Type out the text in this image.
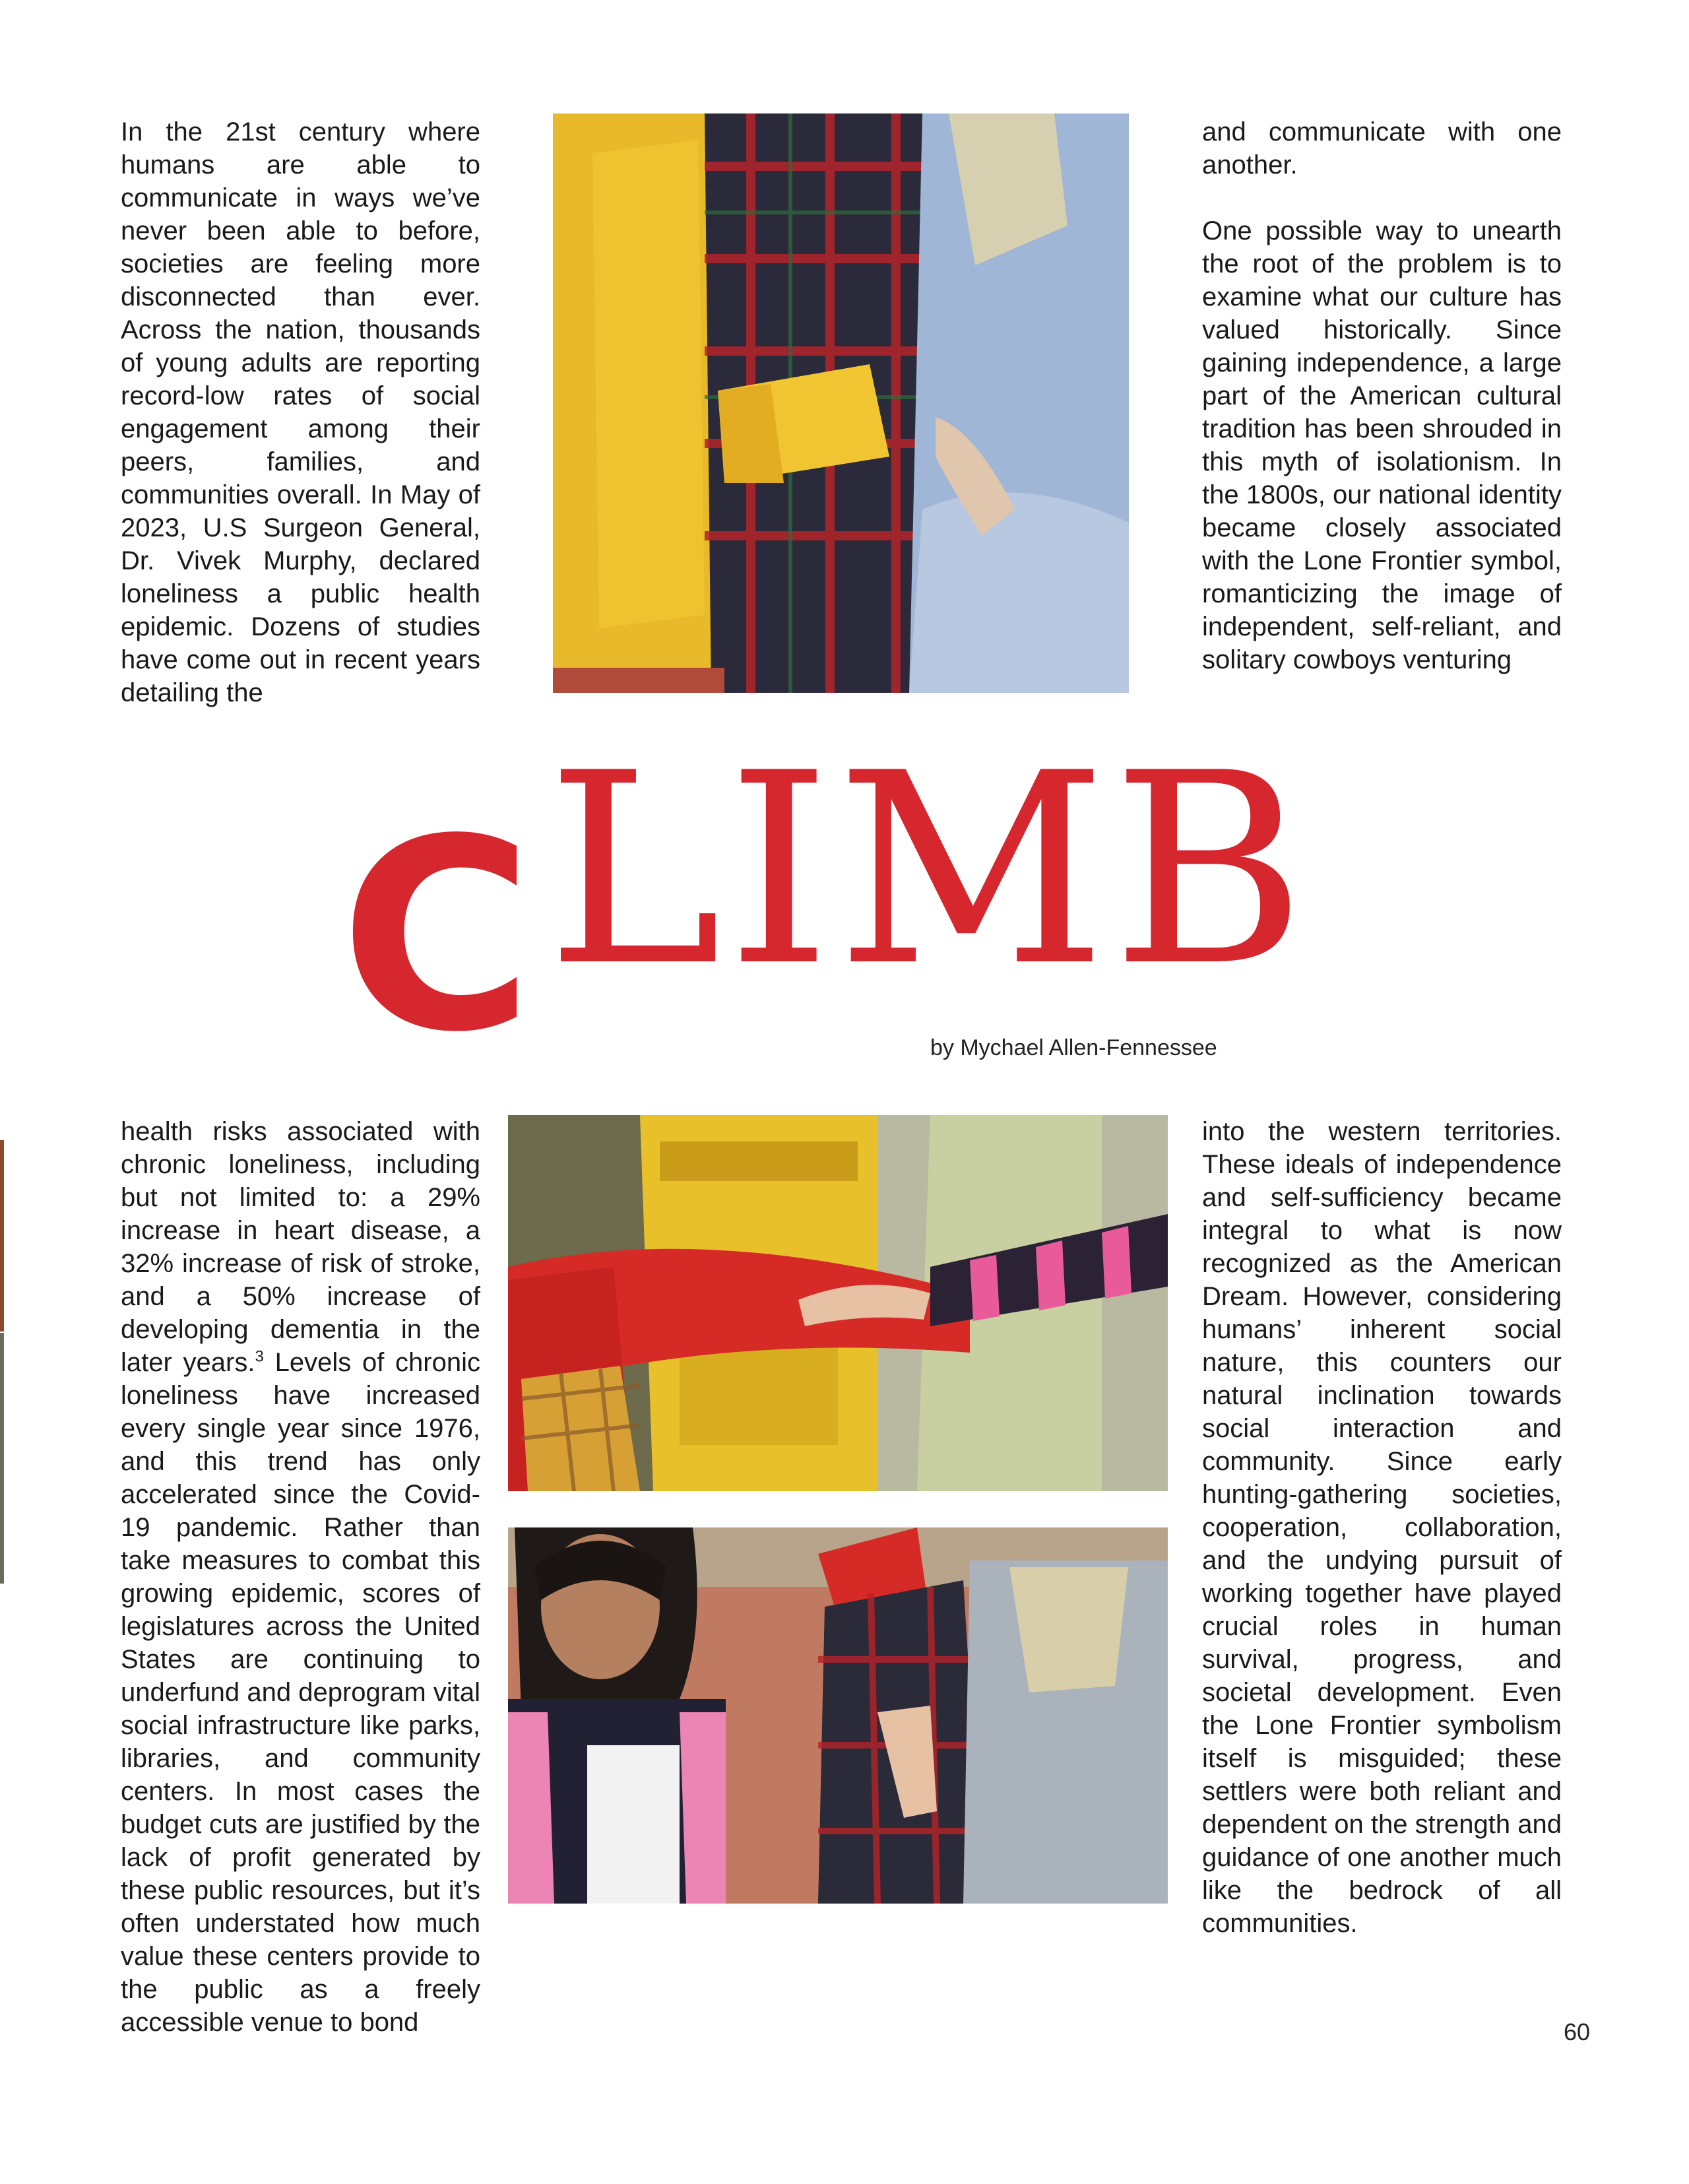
In the 21st century where humans are able to communicate in ways we’ve never been able to before, societies are feeling more disconnected than ever. Across the nation, thousands of young adults are reporting record-low rates of social engagement among their peers, families, and communities overall. In May of 2023, U.S Surgeon General, Dr. Vivek Murphy, declared loneliness a public health epidemic. Dozens of studies have come out in recent years detailing the

and communicate with one another.

One possible way to unearth the root of the problem is to examine what our culture has valued historically. Since gaining independence, a large part of the American cultural tradition has been shrouded in this myth of isolationism. In the 1800s, our national identity became closely associated with the Lone Frontier symbol, romanticizing the image of independent, self-reliant, and solitary cowboys venturing

C LIMB
by Mychael Allen-Fennessee

health risks associated with chronic loneliness, including but not limited to: a 29% increase in heart disease, a 32% increase of risk of stroke, and a 50% increase of developing dementia in the later years.$^3$ Levels of chronic loneliness have increased every single year since 1976, and this trend has only accelerated since the Covid-19 pandemic. Rather than take measures to combat this growing epidemic, scores of legislatures across the United States are continuing to underfund and deprogram vital social infrastructure like parks, libraries, and community centers. In most cases the budget cuts are justified by the lack of profit generated by these public resources, but it’s often understated how much value these centers provide to the public as a freely accessible venue to bond

into the western territories. These ideals of independence and self-sufficiency became integral to what is now recognized as the American Dream. However, considering humans’ inherent social nature, this counters our natural inclination towards social interaction and community. Since early hunting-gathering societies, cooperation, collaboration, and the undying pursuit of working together have played crucial roles in human survival, progress, and societal development. Even the Lone Frontier symbolism itself is misguided; these settlers were both reliant and dependent on the strength and guidance of one another much like the bedrock of all communities.

60
